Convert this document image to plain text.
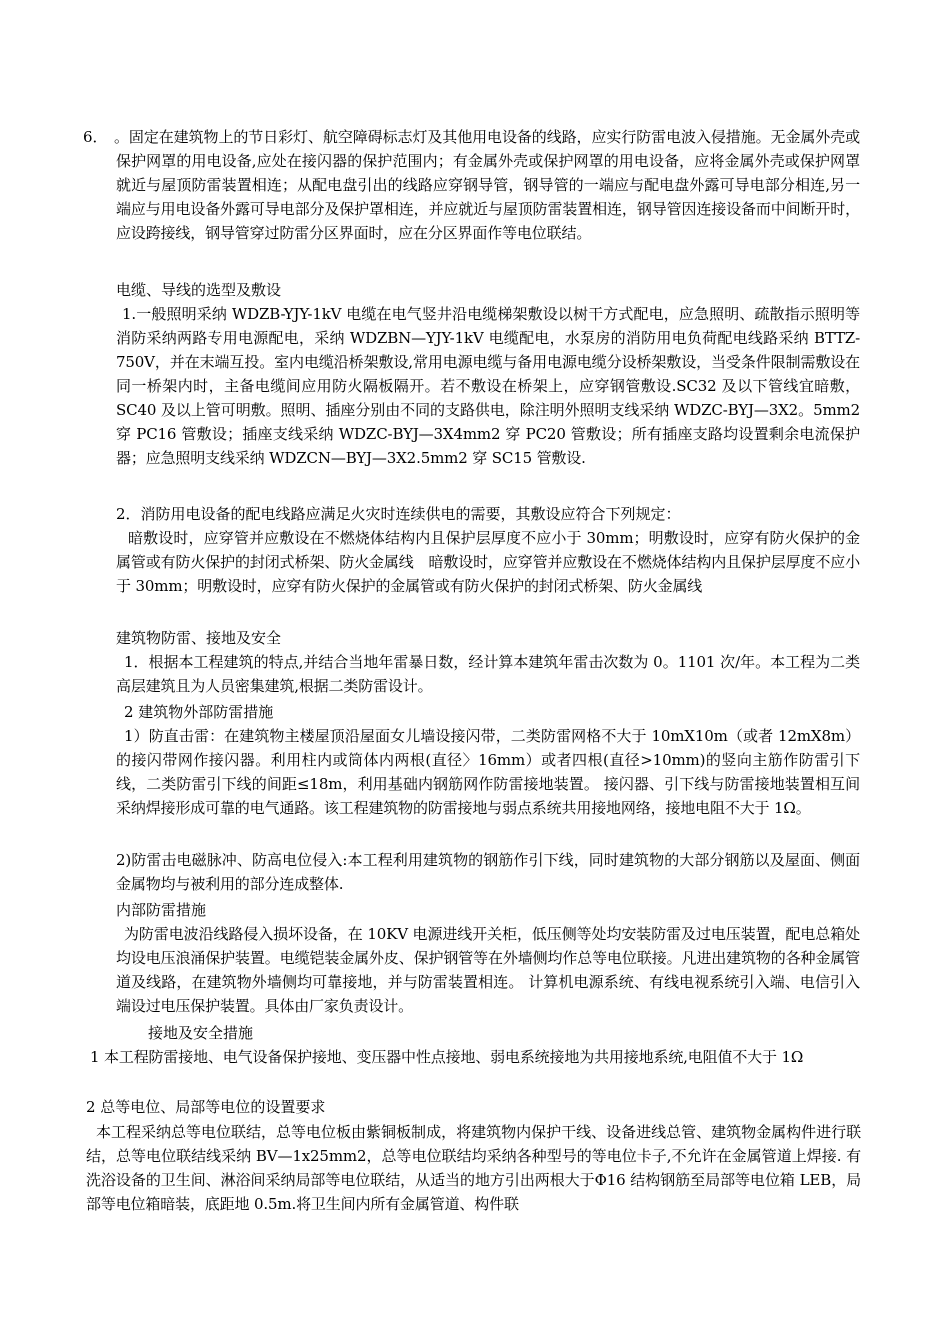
6． 。固定在建筑物上的节日彩灯、航空障碍标志灯及其他用电设备的线路，应实行防雷电波入侵措施。无金属外壳或保护网罩的用电设备,应处在接闪器的保护范围内；有金属外壳或保护网罩的用电设备，应将金属外壳或保护网罩就近与屋顶防雷装置相连；从配电盘引出的线路应穿钢导管，钢导管的一端应与配电盘外露可导电部分相连,另一端应与用电设备外露可导电部分及保护罩相连，并应就近与屋顶防雷装置相连，钢导管因连接设备而中间断开时，应设跨接线，钢导管穿过防雷分区界面时，应在分区界面作等电位联结。

电缆、导线的选型及敷设

1.一般照明采纳 WDZB-YJY-1kV 电缆在电气竖井沿电缆梯架敷设以树干方式配电，应急照明、疏散指示照明等消防采纳两路专用电源配电，采纳 WDZBN—YJY-1kV 电缆配电，水泵房的消防用电负荷配电线路采纳 BTTZ-750V，并在末端互投。室内电缆沿桥架敷设,常用电源电缆与备用电源电缆分设桥架敷设，当受条件限制需敷设在同一桥架内时，主备电缆间应用防火隔板隔开。若不敷设在桥架上，应穿钢管敷设.SC32 及以下管线宜暗敷，SC40 及以上管可明敷。照明、插座分别由不同的支路供电，除注明外照明支线采纳 WDZC-BYJ—3X2。5mm2 穿 PC16 管敷设；插座支线采纳 WDZC-BYJ—3X4mm2 穿 PC20 管敷设；所有插座支路均设置剩余电流保护器；应急照明支线采纳 WDZCN—BYJ—3X2.5mm2 穿 SC15 管敷设.

2．消防用电设备的配电线路应满足火灾时连续供电的需要，其敷设应符合下列规定：

暗敷设时，应穿管并应敷设在不燃烧体结构内且保护层厚度不应小于 30mm；明敷设时，应穿有防火保护的金属管或有防火保护的封闭式桥架、防火金属线　暗敷设时，应穿管并应敷设在不燃烧体结构内且保护层厚度不应小于 30mm；明敷设时，应穿有防火保护的金属管或有防火保护的封闭式桥架、防火金属线

建筑物防雷、接地及安全

1．根据本工程建筑的特点,并结合当地年雷暴日数，经计算本建筑年雷击次数为 0。1101 次/年。本工程为二类高层建筑且为人员密集建筑,根据二类防雷设计。

2 建筑物外部防雷措施

1）防直击雷：在建筑物主楼屋顶沿屋面女儿墙设接闪带，二类防雷网格不大于 10mX10m（或者 12mX8m）的接闪带网作接闪器。利用柱内或筒体内两根(直径〉16mm）或者四根(直径>10mm)的竖向主筋作防雷引下线，二类防雷引下线的间距≤18m，利用基础内钢筋网作防雷接地装置。 接闪器、引下线与防雷接地装置相互间采纳焊接形成可靠的电气通路。该工程建筑物的防雷接地与弱点系统共用接地网络，接地电阻不大于 1Ω。

2)防雷击电磁脉冲、防高电位侵入:本工程利用建筑物的钢筋作引下线，同时建筑物的大部分钢筋以及屋面、侧面金属物均与被利用的部分连成整体.

内部防雷措施

为防雷电波沿线路侵入损坏设备，在 10KV 电源进线开关柜，低压侧等处均安装防雷及过电压装置，配电总箱处均设电压浪涌保护装置。电缆铠装金属外皮、保护钢管等在外墙侧均作总等电位联接。凡进出建筑物的各种金属管道及线路，在建筑物外墙侧均可靠接地，并与防雷装置相连。 计算机电源系统、有线电视系统引入端、电信引入端设过电压保护装置。具体由厂家负责设计。

接地及安全措施

1 本工程防雷接地、电气设备保护接地、变压器中性点接地、弱电系统接地为共用接地系统,电阻值不大于 1Ω

2 总等电位、局部等电位的设置要求

本工程采纳总等电位联结，总等电位板由紫铜板制成，将建筑物内保护干线、设备进线总管、建筑物金属构件进行联结，总等电位联结线采纳 BV—1x25mm2，总等电位联结均采纳各种型号的等电位卡子,不允许在金属管道上焊接. 有洗浴设备的卫生间、淋浴间采纳局部等电位联结，从适当的地方引出两根大于Φ16 结构钢筋至局部等电位箱 LEB，局部等电位箱暗装，底距地 0.5m.将卫生间内所有金属管道、构件联
